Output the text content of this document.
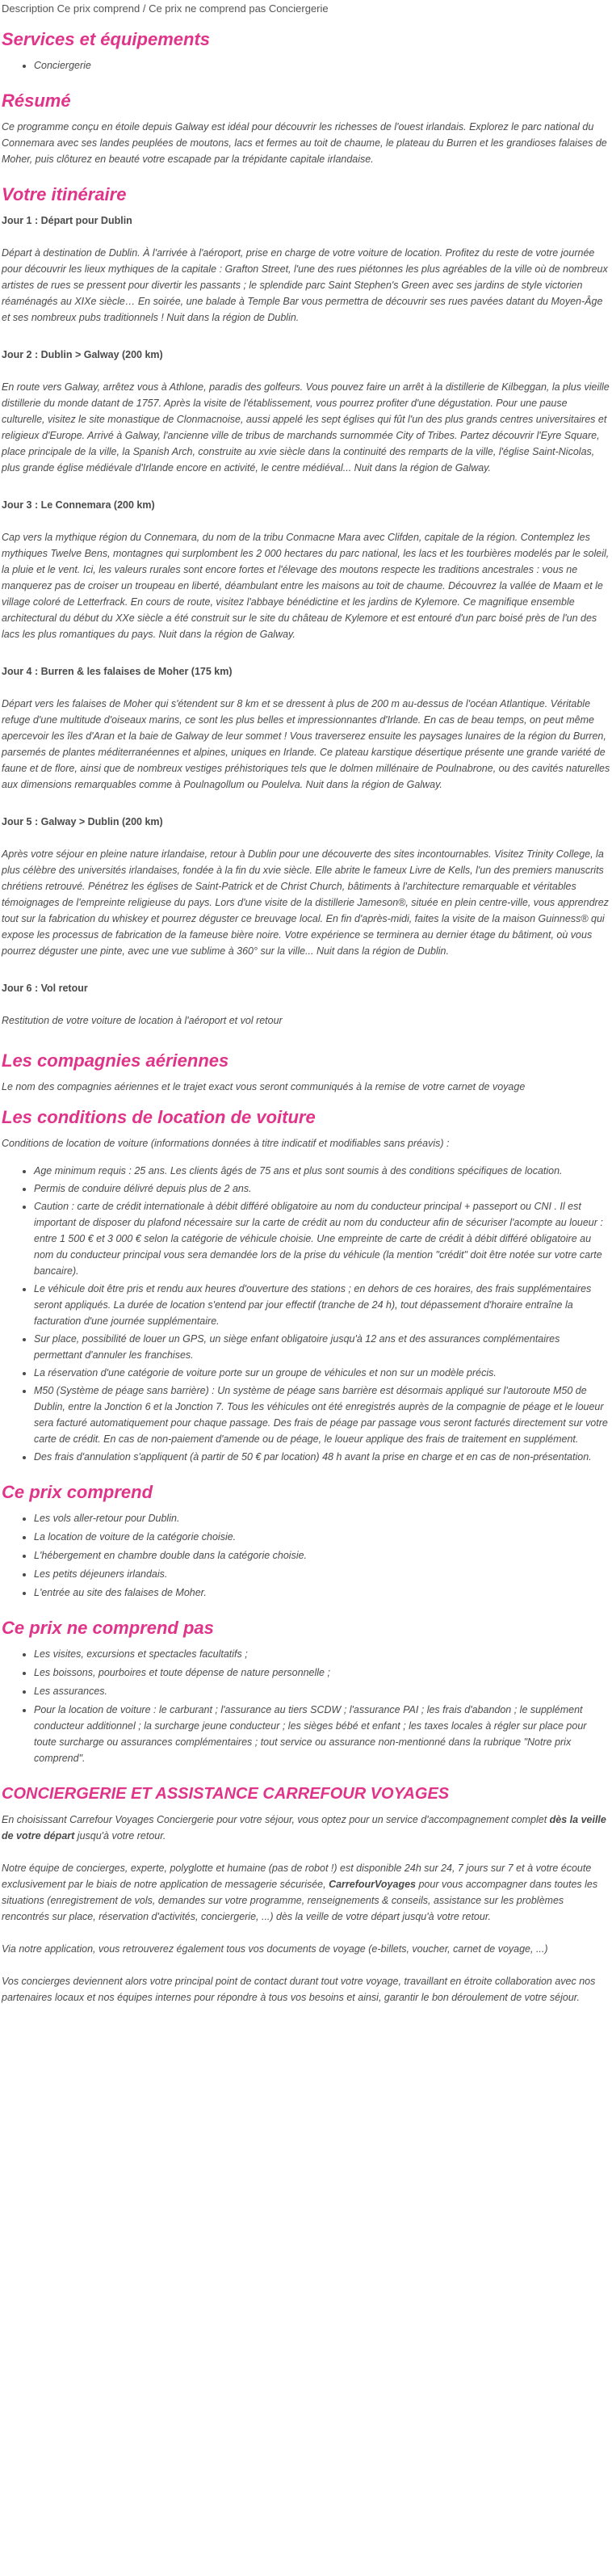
Description Ce prix comprend / Ce prix ne comprend pas Conciergerie
Services et équipements
• Conciergerie
Résumé

Ce programme conçu en étoile depuis Galway est idéal pour découvrir les richesses de l'ouest irlandais. Explorez le parc national du Connemara avec ses landes peuplées de moutons, lacs et fermes au toit de chaume, le plateau du Burren et les grandioses falaises de Moher, puis clôturez en beauté votre escapade par la trépidante capitale irlandaise.

Votre itinéraire
Jour 1 : Départ pour Dublin

Départ à destination de Dublin. À l'arrivée à l'aéroport, prise en charge de votre voiture de location. Profitez du reste de votre journée pour découvrir les lieux mythiques de la capitale : Grafton Street, l'une des rues piétonnes les plus agréables de la ville où de nombreux artistes de rues se pressent pour divertir les passants ; le splendide parc Saint Stephen's Green avec ses jardins de style victorien réaménagés au XIXe siècle… En soirée, une balade à Temple Bar vous permettra de découvrir ses rues pavées datant du Moyen-Âge et ses nombreux pubs traditionnels ! Nuit dans la région de Dublin.

Jour 2 : Dublin > Galway (200 km)

En route vers Galway, arrêtez vous à Athlone, paradis des golfeurs. Vous pouvez faire un arrêt à la distillerie de Kilbeggan, la plus vieille distillerie du monde datant de 1757. Après la visite de l'établissement, vous pourrez profiter d'une dégustation. Pour une pause culturelle, visitez le site monastique de Clonmacnoise, aussi appelé les sept églises qui fût l'un des plus grands centres universitaires et religieux d'Europe. Arrivé à Galway, l'ancienne ville de tribus de marchands surnommée City of Tribes. Partez découvrir l'Eyre Square, place principale de la ville, la Spanish Arch, construite au xvie siècle dans la continuité des remparts de la ville, l'église Saint-Nicolas, plus grande église médiévale d'Irlande encore en activité, le centre médiéval... Nuit dans la région de Galway.

Jour 3 : Le Connemara (200 km)

Cap vers la mythique région du Connemara, du nom de la tribu Conmacne Mara avec Clifden, capitale de la région. Contemplez les mythiques Twelve Bens, montagnes qui surplombent les 2 000 hectares du parc national, les lacs et les tourbières modelés par le soleil, la pluie et le vent. Ici, les valeurs rurales sont encore fortes et l'élevage des moutons respecte les traditions ancestrales : vous ne manquerez pas de croiser un troupeau en liberté, déambulant entre les maisons au toit de chaume. Découvrez la vallée de Maam et le village coloré de Letterfrack. En cours de route, visitez l'abbaye bénédictine et les jardins de Kylemore. Ce magnifique ensemble architectural du début du XXe siècle a été construit sur le site du château de Kylemore et est entouré d'un parc boisé près de l'un des lacs les plus romantiques du pays. Nuit dans la région de Galway.

Jour 4 : Burren & les falaises de Moher (175 km)

Départ vers les falaises de Moher qui s'étendent sur 8 km et se dressent à plus de 200 m au-dessus de l'océan Atlantique. Véritable refuge d'une multitude d'oiseaux marins, ce sont les plus belles et impressionnantes d'Irlande. En cas de beau temps, on peut même apercevoir les îles d'Aran et la baie de Galway de leur sommet ! Vous traverserez ensuite les paysages lunaires de la région du Burren, parsemés de plantes méditerranéennes et alpines, uniques en Irlande. Ce plateau karstique désertique présente une grande variété de faune et de flore, ainsi que de nombreux vestiges préhistoriques tels que le dolmen millénaire de Poulnabrone, ou des cavités naturelles aux dimensions remarquables comme à Poulnagollum ou Poulelva. Nuit dans la région de Galway.

Jour 5 : Galway > Dublin (200 km)

Après votre séjour en pleine nature irlandaise, retour à Dublin pour une découverte des sites incontournables. Visitez Trinity College, la plus célèbre des universités irlandaises, fondée à la fin du xvie siècle. Elle abrite le fameux Livre de Kells, l'un des premiers manuscrits chrétiens retrouvé. Pénétrez les églises de Saint-Patrick et de Christ Church, bâtiments à l'architecture remarquable et véritables témoignages de l'empreinte religieuse du pays. Lors d'une visite de la distillerie Jameson®, située en plein centre-ville, vous apprendrez tout sur la fabrication du whiskey et pourrez déguster ce breuvage local. En fin d'après-midi, faites la visite de la maison Guinness® qui expose les processus de fabrication de la fameuse bière noire. Votre expérience se terminera au dernier étage du bâtiment, où vous pourrez déguster une pinte, avec une vue sublime à 360° sur la ville... Nuit dans la région de Dublin.

Jour 6 : Vol retour

Restitution de votre voiture de location à l'aéroport et vol retour

Les compagnies aériennes

Le nom des compagnies aériennes et le trajet exact vous seront communiqués à la remise de votre carnet de voyage

Les conditions de location de voiture

Conditions de location de voiture (informations données à titre indicatif et modifiables sans préavis) :

• Age minimum requis : 25 ans. Les clients âgés de 75 ans et plus sont soumis à des conditions spécifiques de location.
• Permis de conduire délivré depuis plus de 2 ans.
• Caution : carte de crédit internationale à débit différé obligatoire au nom du conducteur principal + passeport ou CNI . Il est important de disposer du plafond nécessaire sur la carte de crédit au nom du conducteur afin de sécuriser l'acompte au loueur : entre 1 500 € et 3 000 € selon la catégorie de véhicule choisie. Une empreinte de carte de crédit à débit différé obligatoire au nom du conducteur principal vous sera demandée lors de la prise du véhicule (la mention "crédit" doit être notée sur votre carte bancaire).
• Le véhicule doit être pris et rendu aux heures d'ouverture des stations ; en dehors de ces horaires, des frais supplémentaires seront appliqués. La durée de location s'entend par jour effectif (tranche de 24 h), tout dépassement d'horaire entraîne la facturation d'une journée supplémentaire.
• Sur place, possibilité de louer un GPS, un siège enfant obligatoire jusqu'à 12 ans et des assurances complémentaires permettant d'annuler les franchises.
• La réservation d'une catégorie de voiture porte sur un groupe de véhicules et non sur un modèle précis.
• M50 (Système de péage sans barrière) : Un système de péage sans barrière est désormais appliqué sur l'autoroute M50 de Dublin, entre la Jonction 6 et la Jonction 7. Tous les véhicules ont été enregistrés auprès de la compagnie de péage et le loueur sera facturé automatiquement pour chaque passage. Des frais de péage par passage vous seront facturés directement sur votre carte de crédit. En cas de non-paiement d'amende ou de péage, le loueur applique des frais de traitement en supplément.
• Des frais d'annulation s'appliquent (à partir de 50 € par location) 48 h avant la prise en charge et en cas de non-présentation.
Ce prix comprend
• Les vols aller-retour pour Dublin.
• La location de voiture de la catégorie choisie.
• L'hébergement en chambre double dans la catégorie choisie.
• Les petits déjeuners irlandais.
• L'entrée au site des falaises de Moher.
Ce prix ne comprend pas
• Les visites, excursions et spectacles facultatifs ;
• Les boissons, pourboires et toute dépense de nature personnelle ;
• Les assurances.
• Pour la location de voiture : le carburant ; l'assurance au tiers SCDW ; l'assurance PAI ; les frais d'abandon ; le supplément conducteur additionnel ; la surcharge jeune conducteur ; les sièges bébé et enfant ; les taxes locales à régler sur place pour toute surcharge ou assurances complémentaires ; tout service ou assurance non-mentionné dans la rubrique "Notre prix comprend".
CONCIERGERIE ET ASSISTANCE CARREFOUR VOYAGES

En choisissant Carrefour Voyages Conciergerie pour votre séjour, vous optez pour un service d'accompagnement complet dès la veille de votre départ jusqu'à votre retour.

Notre équipe de concierges, experte, polyglotte et humaine (pas de robot !) est disponible 24h sur 24, 7 jours sur 7 et à votre écoute exclusivement par le biais de notre application de messagerie sécurisée, CarrefourVoyages pour vous accompagner dans toutes les situations (enregistrement de vols, demandes sur votre programme, renseignements & conseils, assistance sur les problèmes rencontrés sur place, réservation d'activités, conciergerie, ...) dès la veille de votre départ jusqu'à votre retour.

Via notre application, vous retrouverez également tous vos documents de voyage (e-billets, voucher, carnet de voyage, ...)

Vos concierges deviennent alors votre principal point de contact durant tout votre voyage, travaillant en étroite collaboration avec nos partenaires locaux et nos équipes internes pour répondre à tous vos besoins et ainsi, garantir le bon déroulement de votre séjour.
